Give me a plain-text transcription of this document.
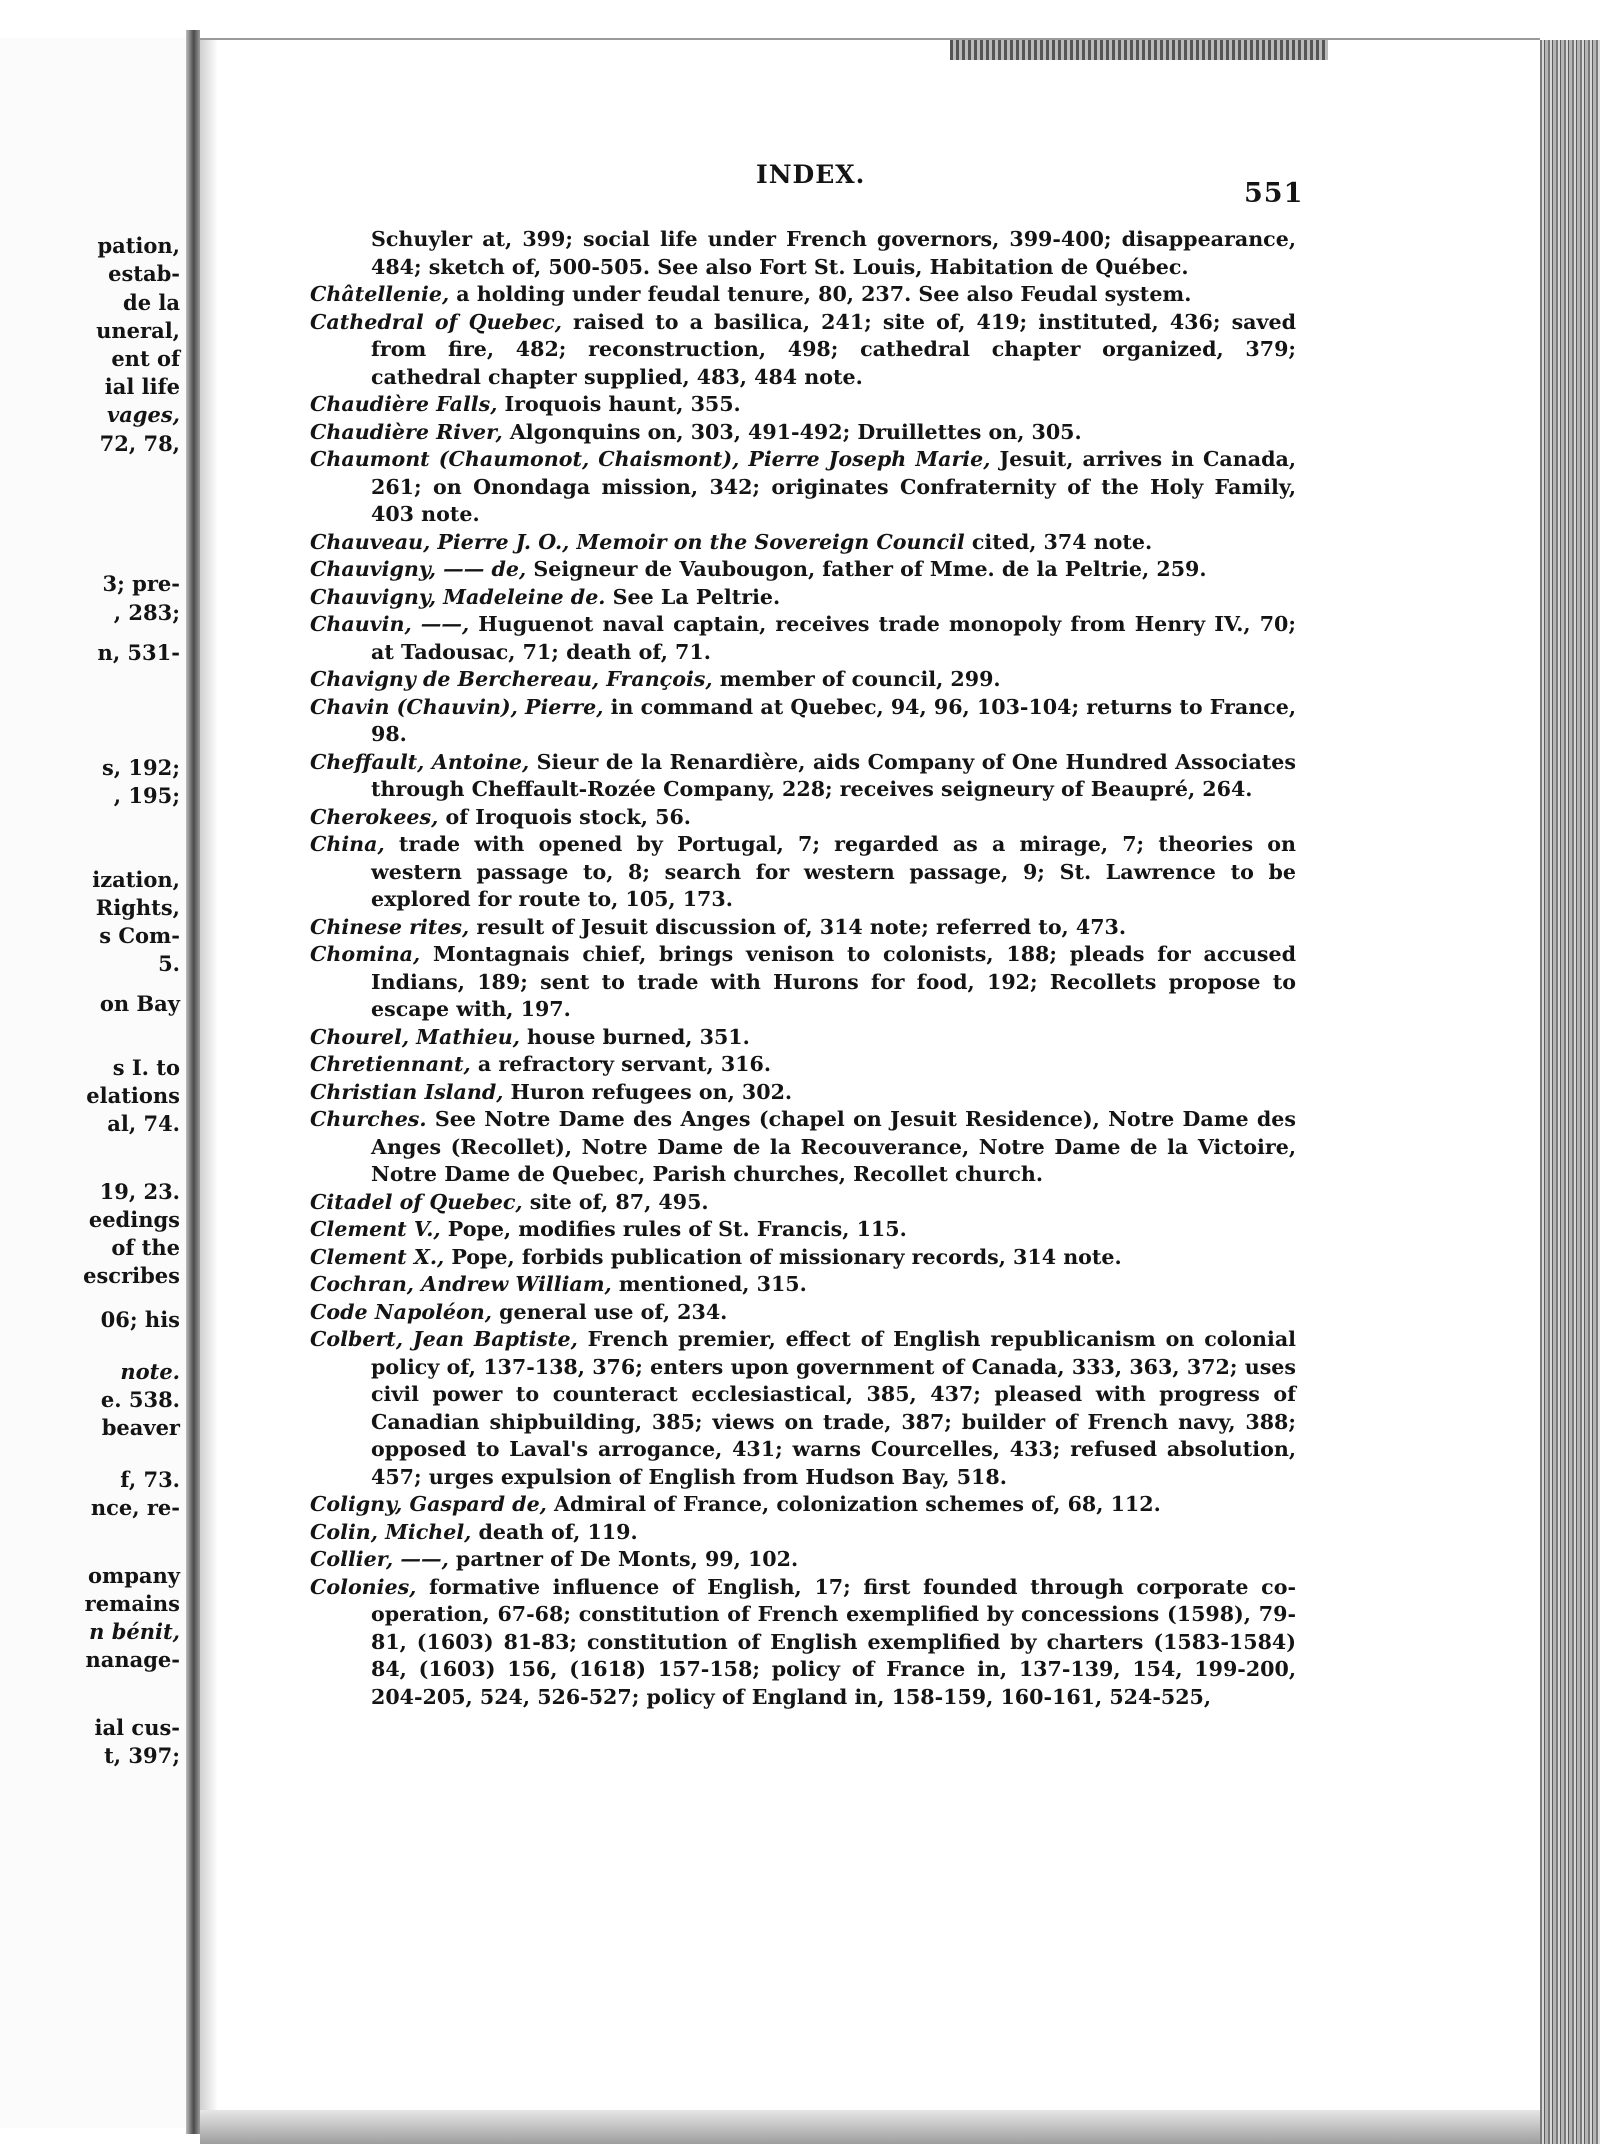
pation,
estab-
de la
uneral,
ent of
ial life
vages,
72, 78,
3; pre-
, 283;
n, 531-
s, 192;
, 195;
ization,
Rights,
s Com-
5.
on Bay
s I. to
elations
al, 74.
19, 23.
eedings
of the
escribes
06; his
note.
e. 538.
beaver
f, 73.
nce, re-
ompany
remains
n bénit,
nanage-
ial cus-
t, 397;
INDEX.
551

Schuyler at, 399; social life under French governors, 399-400; disappearance, 484; sketch of, 500-505. See also Fort St. Louis, Habitation de Québec.

Châtellenie, a holding under feudal tenure, 80, 237. See also Feudal system.

Cathedral of Quebec, raised to a basilica, 241; site of, 419; instituted, 436; saved from fire, 482; reconstruction, 498; cathedral chapter organized, 379; cathedral chapter supplied, 483, 484 note.

Chaudière Falls, Iroquois haunt, 355.

Chaudière River, Algonquins on, 303, 491-492; Druillettes on, 305.

Chaumont (Chaumonot, Chaismont), Pierre Joseph Marie, Jesuit, arrives in Canada, 261; on Onondaga mission, 342; originates Confraternity of the Holy Family, 403 note.

Chauveau, Pierre J. O., Memoir on the Sovereign Council cited, 374 note.

Chauvigny, —— de, Seigneur de Vaubougon, father of Mme. de la Peltrie, 259.

Chauvigny, Madeleine de. See La Peltrie.

Chauvin, ——, Huguenot naval captain, receives trade monopoly from Henry IV., 70; at Tadousac, 71; death of, 71.

Chavigny de Berchereau, François, member of council, 299.

Chavin (Chauvin), Pierre, in command at Quebec, 94, 96, 103-104; returns to France, 98.

Cheffault, Antoine, Sieur de la Renardière, aids Company of One Hundred Associates through Cheffault-Rozée Company, 228; receives seigneury of Beaupré, 264.

Cherokees, of Iroquois stock, 56.

China, trade with opened by Portugal, 7; regarded as a mirage, 7; theories on western passage to, 8; search for western passage, 9; St. Lawrence to be explored for route to, 105, 173.

Chinese rites, result of Jesuit discussion of, 314 note; referred to, 473.

Chomina, Montagnais chief, brings venison to colonists, 188; pleads for accused Indians, 189; sent to trade with Hurons for food, 192; Recollets propose to escape with, 197.

Chourel, Mathieu, house burned, 351.

Chretiennant, a refractory servant, 316.

Christian Island, Huron refugees on, 302.

Churches. See Notre Dame des Anges (chapel on Jesuit Residence), Notre Dame des Anges (Recollet), Notre Dame de la Recouverance, Notre Dame de la Victoire, Notre Dame de Quebec, Parish churches, Recollet church.

Citadel of Quebec, site of, 87, 495.

Clement V., Pope, modifies rules of St. Francis, 115.

Clement X., Pope, forbids publication of missionary records, 314 note.

Cochran, Andrew William, mentioned, 315.

Code Napoléon, general use of, 234.

Colbert, Jean Baptiste, French premier, effect of English republicanism on colonial policy of, 137-138, 376; enters upon government of Canada, 333, 363, 372; uses civil power to counteract ecclesiastical, 385, 437; pleased with progress of Canadian shipbuilding, 385; views on trade, 387; builder of French navy, 388; opposed to Laval's arrogance, 431; warns Courcelles, 433; refused absolution, 457; urges expulsion of English from Hudson Bay, 518.

Coligny, Gaspard de, Admiral of France, colonization schemes of, 68, 112.

Colin, Michel, death of, 119.

Collier, ——, partner of De Monts, 99, 102.

Colonies, formative influence of English, 17; first founded through corporate co-operation, 67-68; constitution of French exemplified by concessions (1598), 79-81, (1603) 81-83; constitution of English exemplified by charters (1583-1584) 84, (1603) 156, (1618) 157-158; policy of France in, 137-139, 154, 199-200, 204-205, 524, 526-527; policy of England in, 158-159, 160-161, 524-525,
